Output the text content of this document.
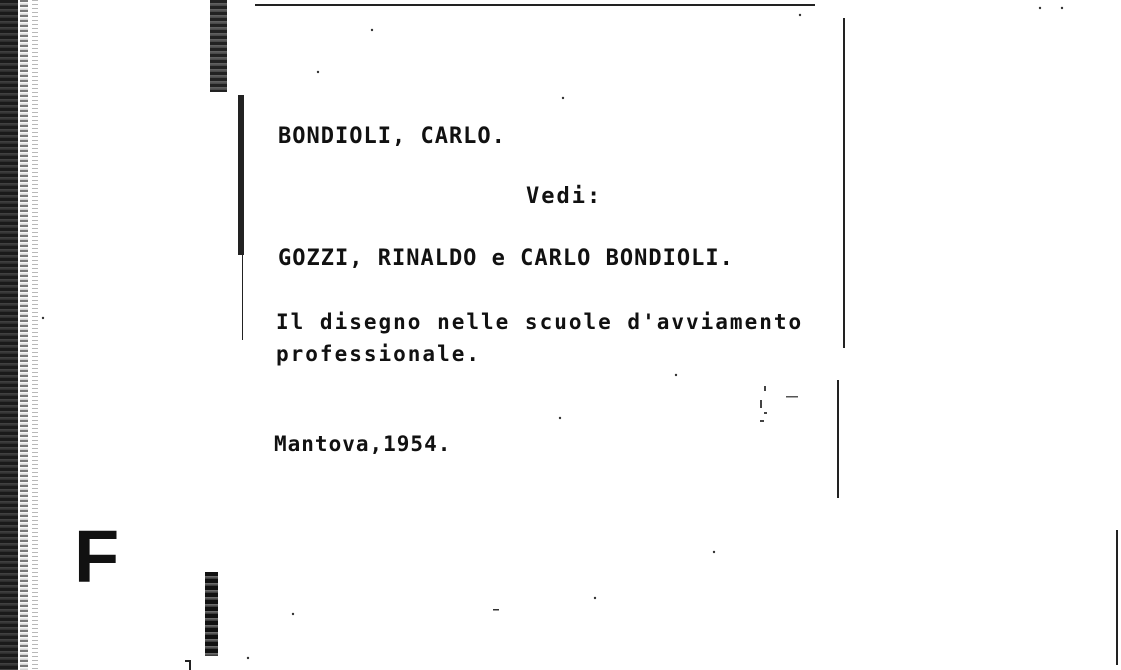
BONDIOLI, CARLO.
Vedi:
GOZZI, RINALDO e CARLO BONDIOLI.
Il disegno nelle scuole d'avviamento
professionale.
Mantova,1954.
F
